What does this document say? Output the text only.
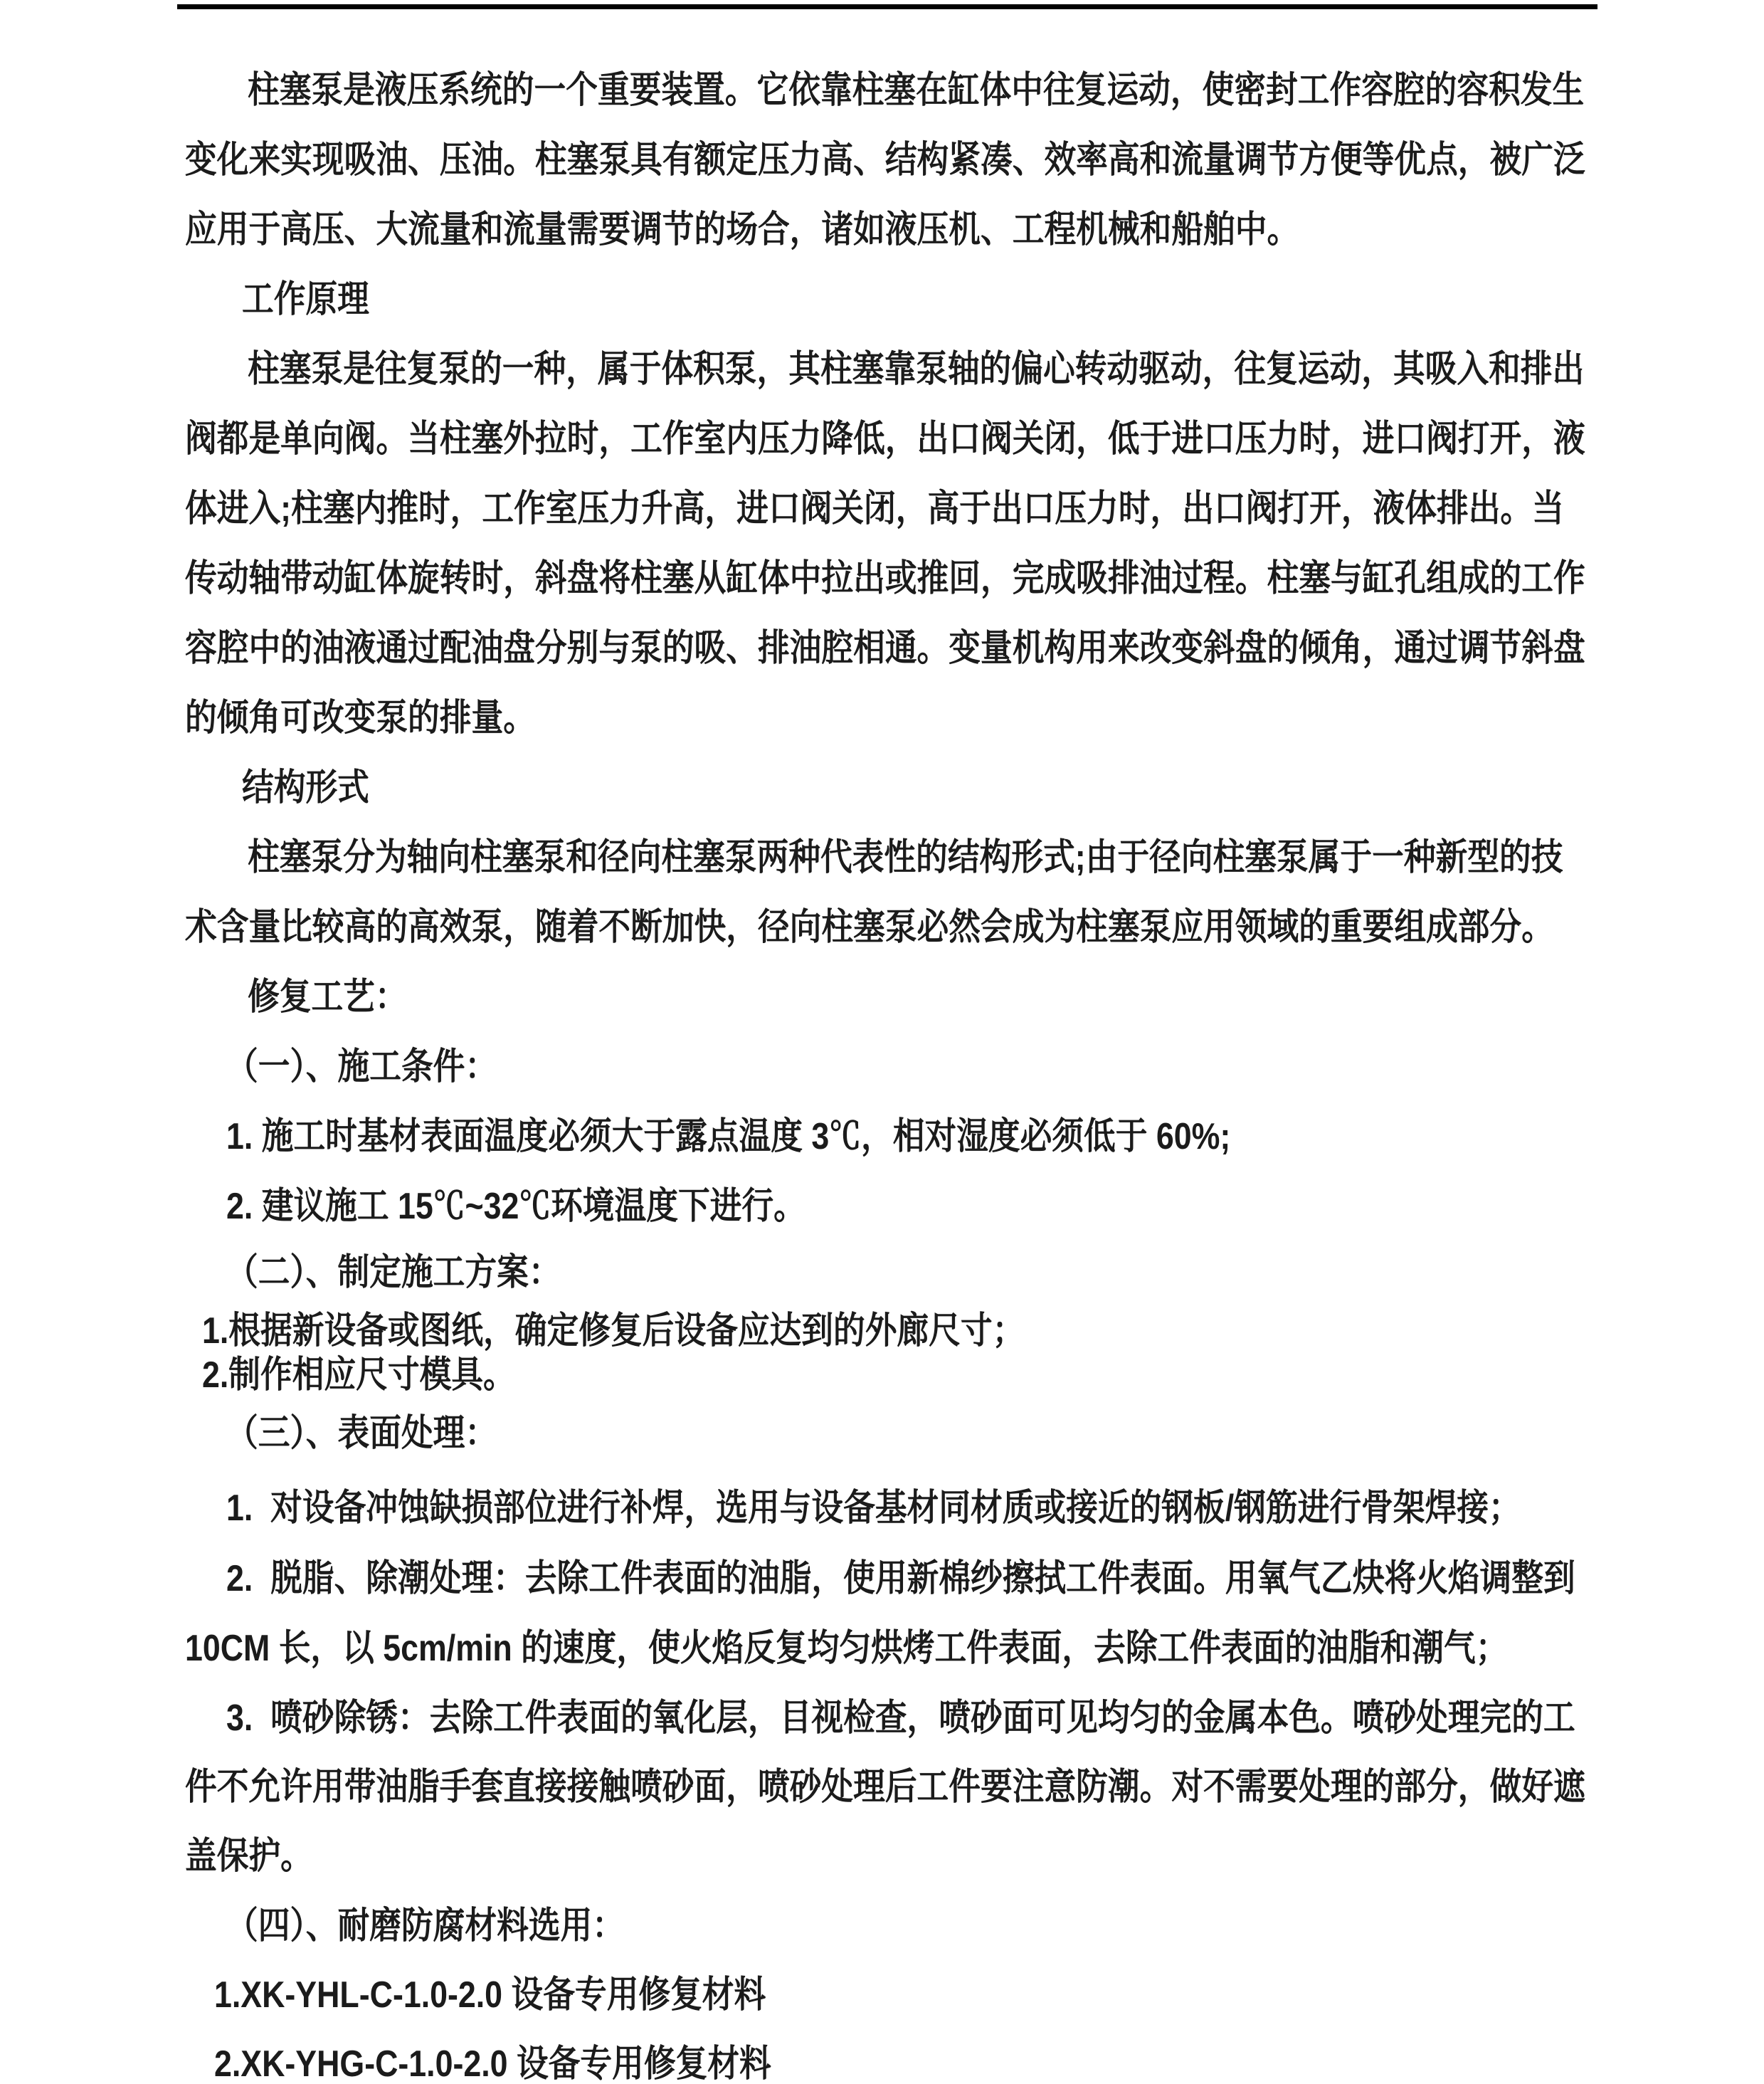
柱塞泵是液压系统的一个重要装置。它依靠柱塞在缸体中往复运动，使密封工作容腔的容积发生
变化来实现吸油、压油。柱塞泵具有额定压力高、结构紧凑、效率高和流量调节方便等优点，被广泛
应用于高压、大流量和流量需要调节的场合，诸如液压机、工程机械和船舶中。
工作原理
柱塞泵是往复泵的一种，属于体积泵，其柱塞靠泵轴的偏心转动驱动，往复运动，其吸入和排出
阀都是单向阀。当柱塞外拉时，工作室内压力降低，出口阀关闭，低于进口压力时，进口阀打开，液
体进入;柱塞内推时，工作室压力升高，进口阀关闭，高于出口压力时，出口阀打开，液体排出。当
传动轴带动缸体旋转时，斜盘将柱塞从缸体中拉出或推回，完成吸排油过程。柱塞与缸孔组成的工作
容腔中的油液通过配油盘分别与泵的吸、排油腔相通。变量机构用来改变斜盘的倾角，通过调节斜盘
的倾角可改变泵的排量。
结构形式
柱塞泵分为轴向柱塞泵和径向柱塞泵两种代表性的结构形式;由于径向柱塞泵属于一种新型的技
术含量比较高的高效泵，随着不断加快，径向柱塞泵必然会成为柱塞泵应用领域的重要组成部分。
修复工艺：
（一）、施工条件：
1. 施工时基材表面温度必须大于露点温度 3℃，相对湿度必须低于 60%;
2. 建议施工 15℃~32℃环境温度下进行。
（二）、制定施工方案：
1.根据新设备或图纸，确定修复后设备应达到的外廊尺寸；
2.制作相应尺寸模具。
（三）、表面处理：
1.  对设备冲蚀缺损部位进行补焊，选用与设备基材同材质或接近的钢板/钢筋进行骨架焊接；
2.  脱脂、除潮处理：去除工件表面的油脂，使用新棉纱擦拭工件表面。用氧气乙炔将火焰调整到
10CM 长，以 5cm/min 的速度，使火焰反复均匀烘烤工件表面，去除工件表面的油脂和潮气；
3.  喷砂除锈：去除工件表面的氧化层，目视检查，喷砂面可见均匀的金属本色。喷砂处理完的工
件不允许用带油脂手套直接接触喷砂面，喷砂处理后工件要注意防潮。对不需要处理的部分，做好遮
盖保护。
（四）、耐磨防腐材料选用：
1.XK-YHL-C-1.0-2.0 设备专用修复材料
2.XK-YHG-C-1.0-2.0 设备专用修复材料
